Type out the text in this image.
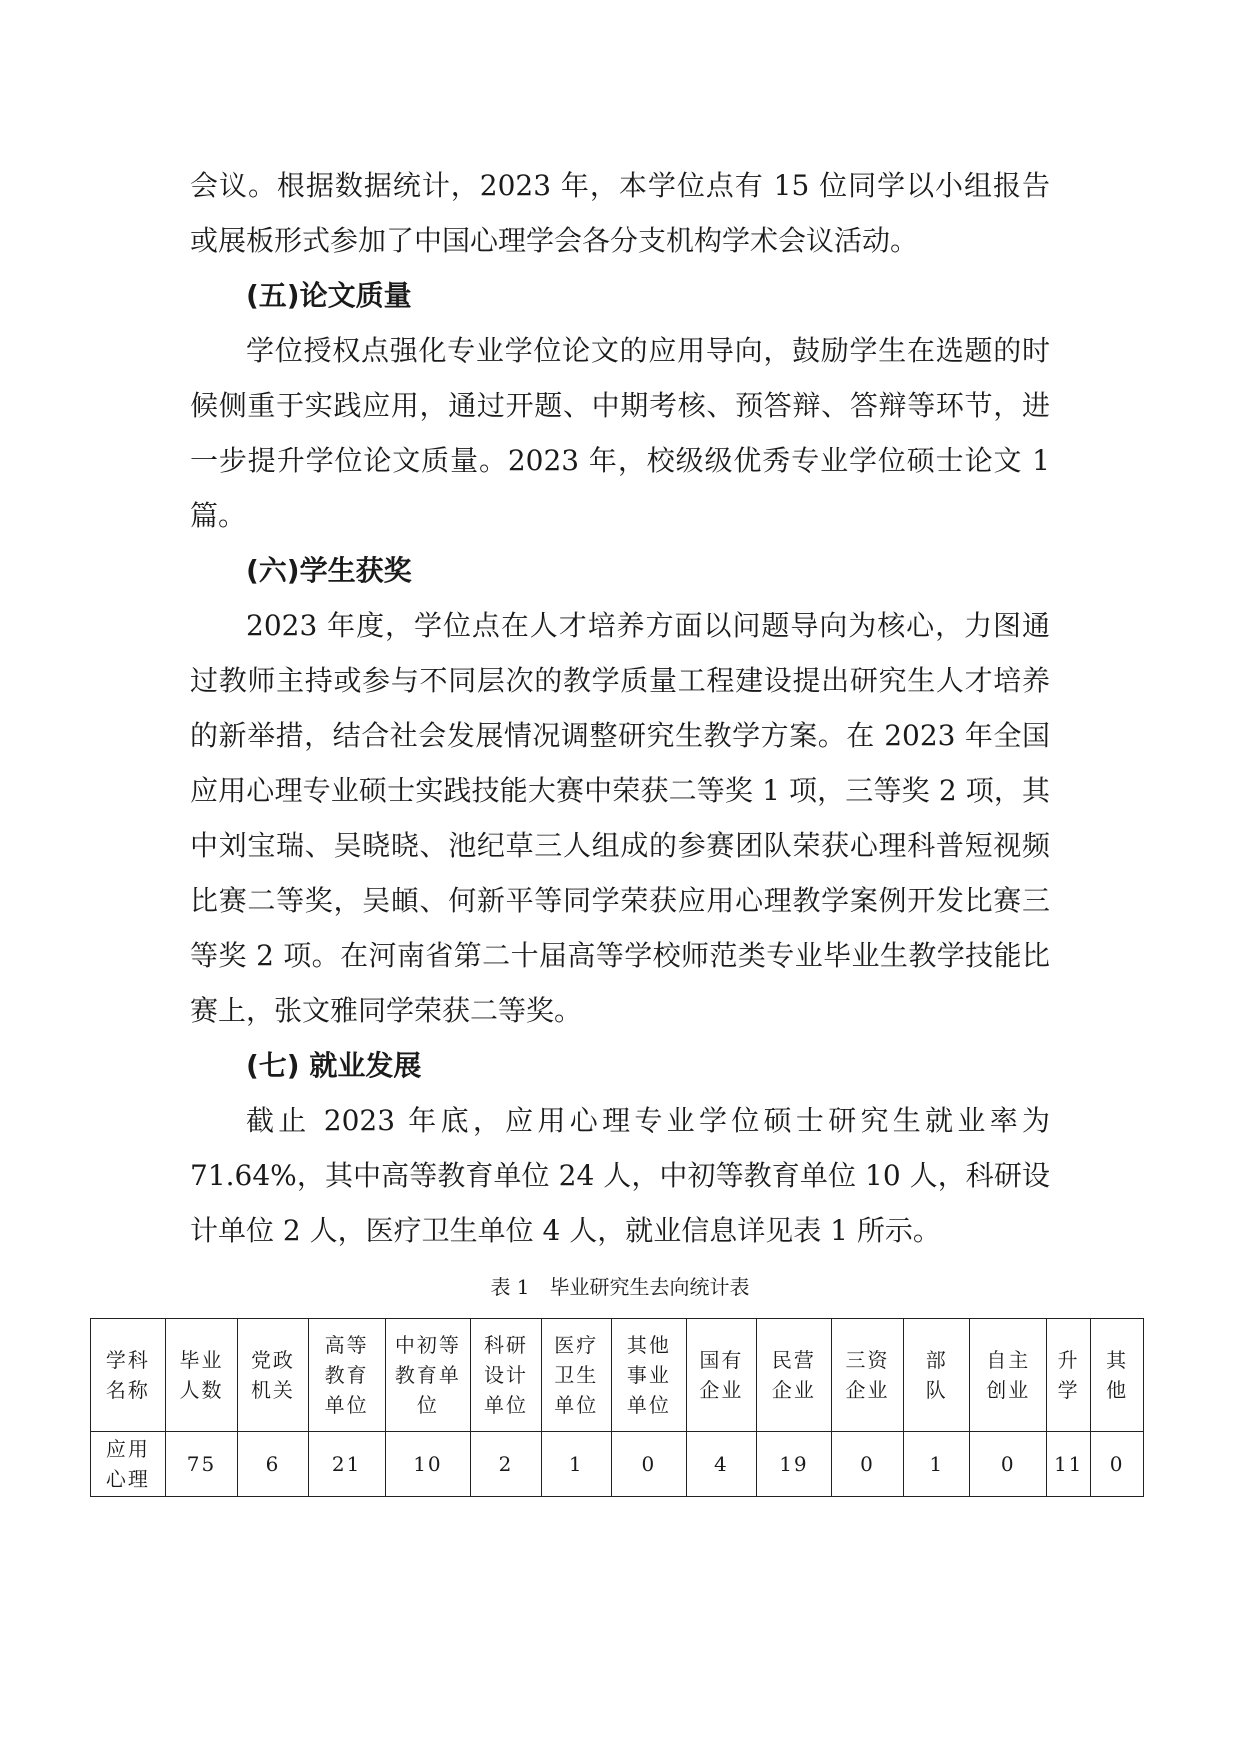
会议。根据数据统计，2023 年，本学位点有 15 位同学以小组报告或展板形式参加了中国心理学会各分支机构学术会议活动。

(五)论文质量

学位授权点强化专业学位论文的应用导向，鼓励学生在选题的时候侧重于实践应用，通过开题、中期考核、预答辩、答辩等环节，进一步提升学位论文质量。2023 年，校级级优秀专业学位硕士论文 1 篇。

(六)学生获奖

2023 年度，学位点在人才培养方面以问题导向为核心，力图通过教师主持或参与不同层次的教学质量工程建设提出研究生人才培养的新举措，结合社会发展情况调整研究生教学方案。在 2023 年全国应用心理专业硕士实践技能大赛中荣获二等奖 1 项，三等奖 2 项，其中刘宝瑞、吴晓晓、池纪草三人组成的参赛团队荣获心理科普短视频比赛二等奖，吴頔、何新平等同学荣获应用心理教学案例开发比赛三等奖 2 项。在河南省第二十届高等学校师范类专业毕业生教学技能比赛上，张文雅同学荣获二等奖。

(七) 就业发展

截止 2023 年底，应用心理专业学位硕士研究生就业率为 71.64%，其中高等教育单位 24 人，中初等教育单位 10 人，科研设计单位 2 人，医疗卫生单位 4 人，就业信息详见表 1 所示。

表 1　毕业研究生去向统计表
学科名称	毕业人数	党政机关	高等教育单位	中初等教育单位	科研设计单位	医疗卫生单位	其他事业单位	国有企业	民营企业	三资企业	部队	自主创业	升学	其他
应用心理	75	6	21	10	2	1	0	4	19	0	1	0	11	0
